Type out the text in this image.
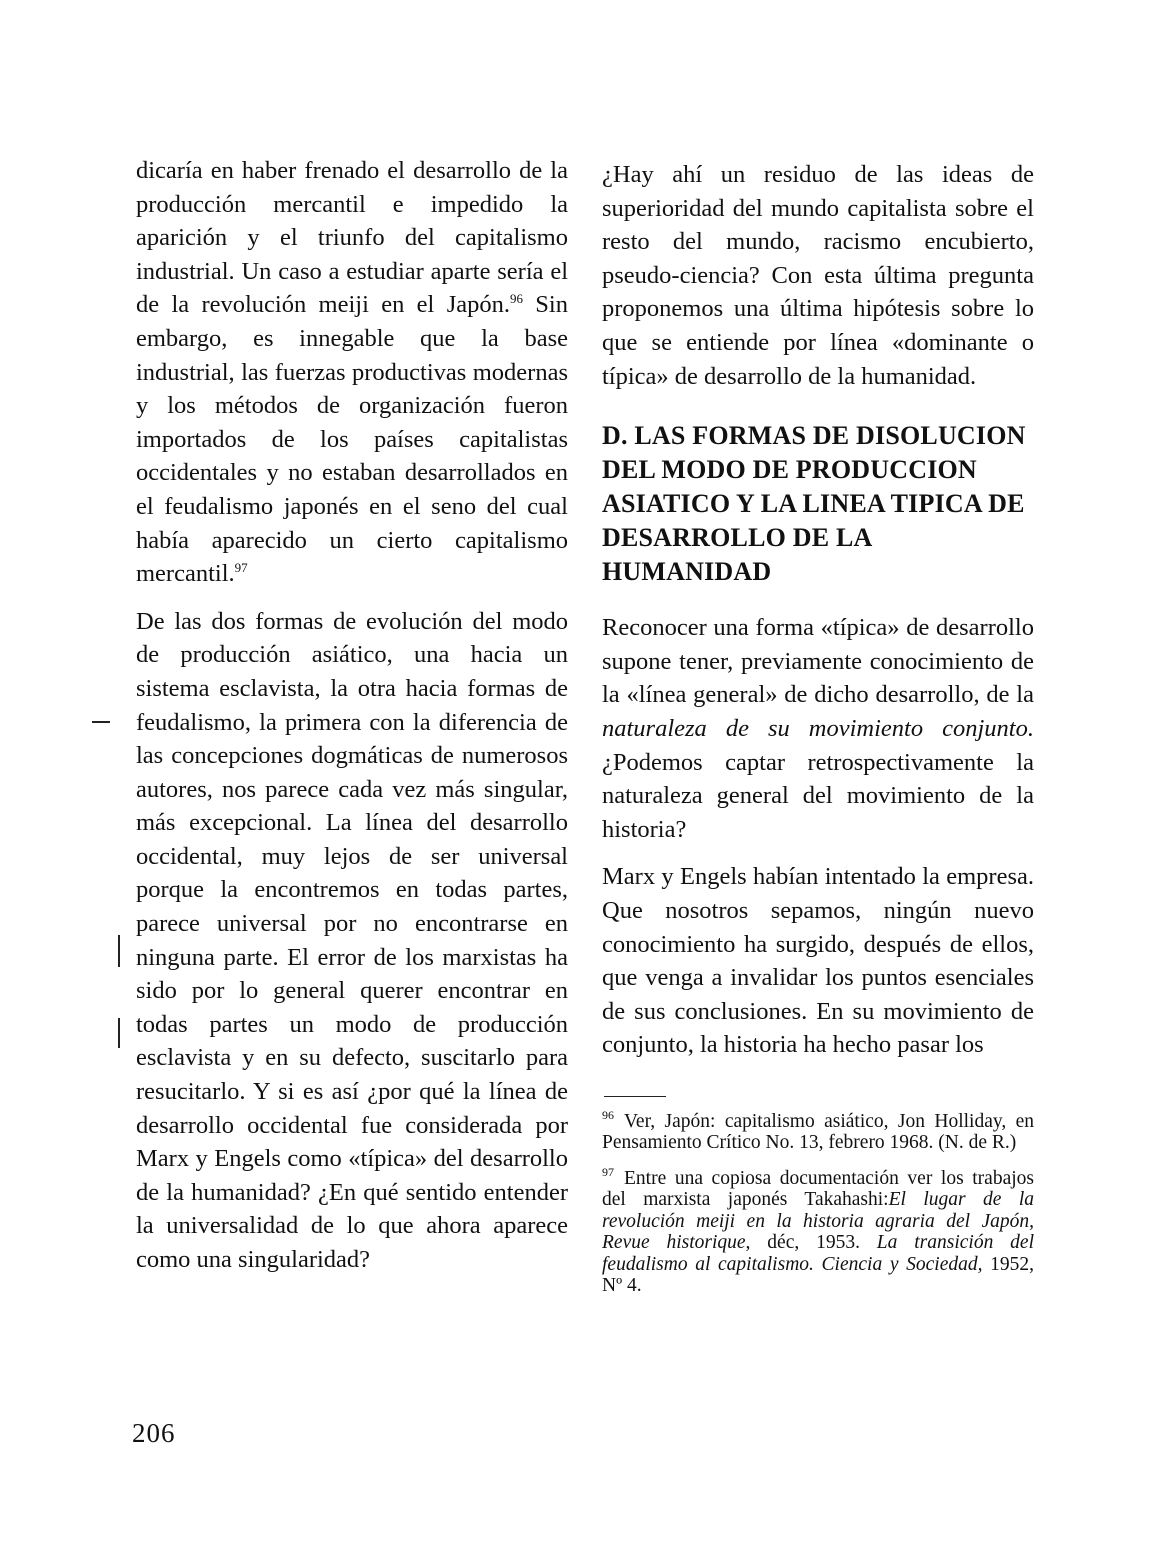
dicaría en haber frenado el desarrollo de la producción mercantil e impedido la aparición y el triunfo del capitalismo industrial. Un caso a estudiar aparte sería el de la revolución meiji en el Japón.$^{96}$ Sin embargo, es innegable que la base industrial, las fuerzas productivas modernas y los métodos de organización fueron importados de los países capitalistas occidentales y no estaban desarrollados en el feudalismo japonés en el seno del cual había aparecido un cierto capitalismo mercantil.$^{97}$

De las dos formas de evolución del modo de producción asiático, una hacia un sistema esclavista, la otra hacia formas de feudalismo, la primera con la diferencia de las concepciones dogmáticas de numerosos autores, nos parece cada vez más singular, más excepcional. La línea del desarrollo occidental, muy lejos de ser universal porque la encontremos en todas partes, parece universal por no encontrarse en ninguna parte. El error de los marxistas ha sido por lo general querer encontrar en todas partes un modo de producción esclavista y en su defecto, suscitarlo para resucitarlo. Y si es así ¿por qué la línea de desarrollo occidental fue considerada por Marx y Engels como «típica» del desarrollo de la humanidad? ¿En qué sentido entender la universalidad de lo que ahora aparece como una singularidad?

¿Hay ahí un residuo de las ideas de superioridad del mundo capitalista sobre el resto del mundo, racismo encubierto, pseudo-ciencia? Con esta última pregunta proponemos una última hipótesis sobre lo que se entiende por línea «dominante o típica» de desarrollo de la humanidad.

D. LAS FORMAS DE DISOLUCION DEL MODO DE PRODUCCION ASIATICO Y LA LINEA TIPICA DE DESARROLLO DE LA HUMANIDAD

Reconocer una forma «típica» de desarrollo supone tener, previamente conocimiento de la «línea general» de dicho desarrollo, de la naturaleza de su movimiento conjunto. ¿Podemos captar retrospectivamente la naturaleza general del movimiento de la historia?

Marx y Engels habían intentado la empresa. Que nosotros sepamos, ningún nuevo conocimiento ha surgido, después de ellos, que venga a invalidar los puntos esenciales de sus conclusiones. En su movimiento de conjunto, la historia ha hecho pasar los

$^{96}$ Ver, Japón: capitalismo asiático, Jon Holliday, en Pensamiento Crítico No. 13, febrero 1968. (N. de R.)

$^{97}$ Entre una copiosa documentación ver los trabajos del marxista japonés Takahashi:El lugar de la revolución meiji en la historia agraria del Japón, Revue historique, déc, 1953. La transición del feudalismo al capitalismo. Ciencia y Sociedad, 1952, Nº 4.

206
